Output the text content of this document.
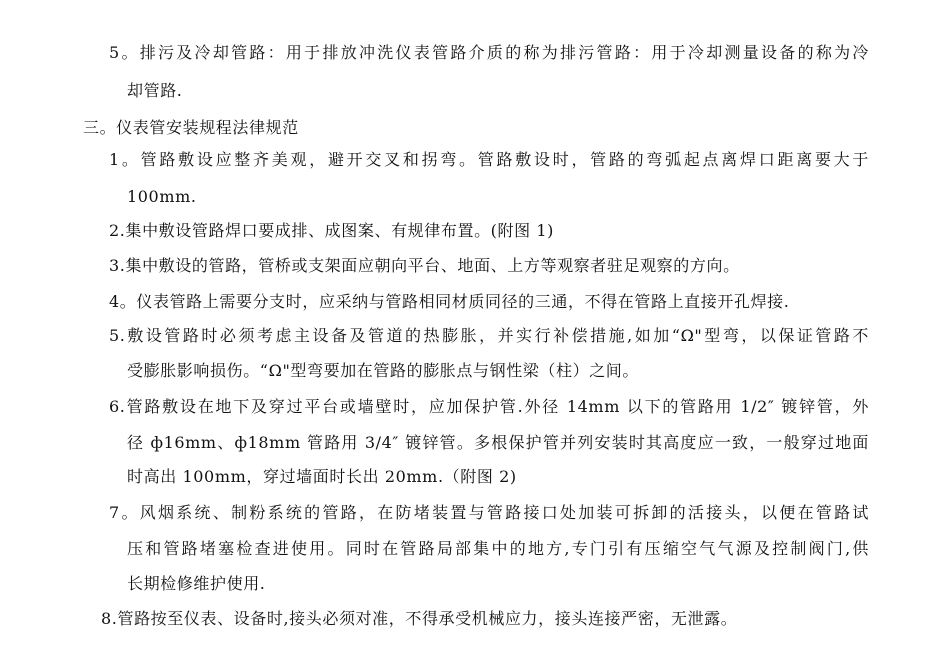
5。排污及冷却管路：用于排放冲洗仪表管路介质的称为排污管路：用于冷却测量设备的称为冷
却管路.
三。仪表管安装规程法律规范
1。管路敷设应整齐美观，避开交叉和拐弯。管路敷设时，管路的弯弧起点离焊口距离要大于
100mm.
2.集中敷设管路焊口要成排、成图案、有规律布置。(附图 1)
3.集中敷设的管路，管桥或支架面应朝向平台、地面、上方等观察者驻足观察的方向。
4。仪表管路上需要分支时，应采纳与管路相同材质同径的三通，不得在管路上直接开孔焊接.
5.敷设管路时必须考虑主设备及管道的热膨胀，并实行补偿措施,如加“Ω"型弯，以保证管路不
受膨胀影响损伤。“Ω"型弯要加在管路的膨胀点与钢性梁（柱）之间。
6.管路敷设在地下及穿过平台或墙壁时，应加保护管.外径 14mm 以下的管路用 1/2″ 镀锌管，外
径 ф16mm、ф18mm 管路用 3/4″ 镀锌管。多根保护管并列安装时其高度应一致，一般穿过地面
时高出 100mm，穿过墙面时长出 20mm.（附图 2)
7。风烟系统、制粉系统的管路，在防堵装置与管路接口处加装可拆卸的活接头，以便在管路试
压和管路堵塞检查进使用。同时在管路局部集中的地方,专门引有压缩空气气源及控制阀门,供
长期检修维护使用.
8.管路按至仪表、设备时,接头必须对准，不得承受机械应力，接头连接严密，无泄露。
